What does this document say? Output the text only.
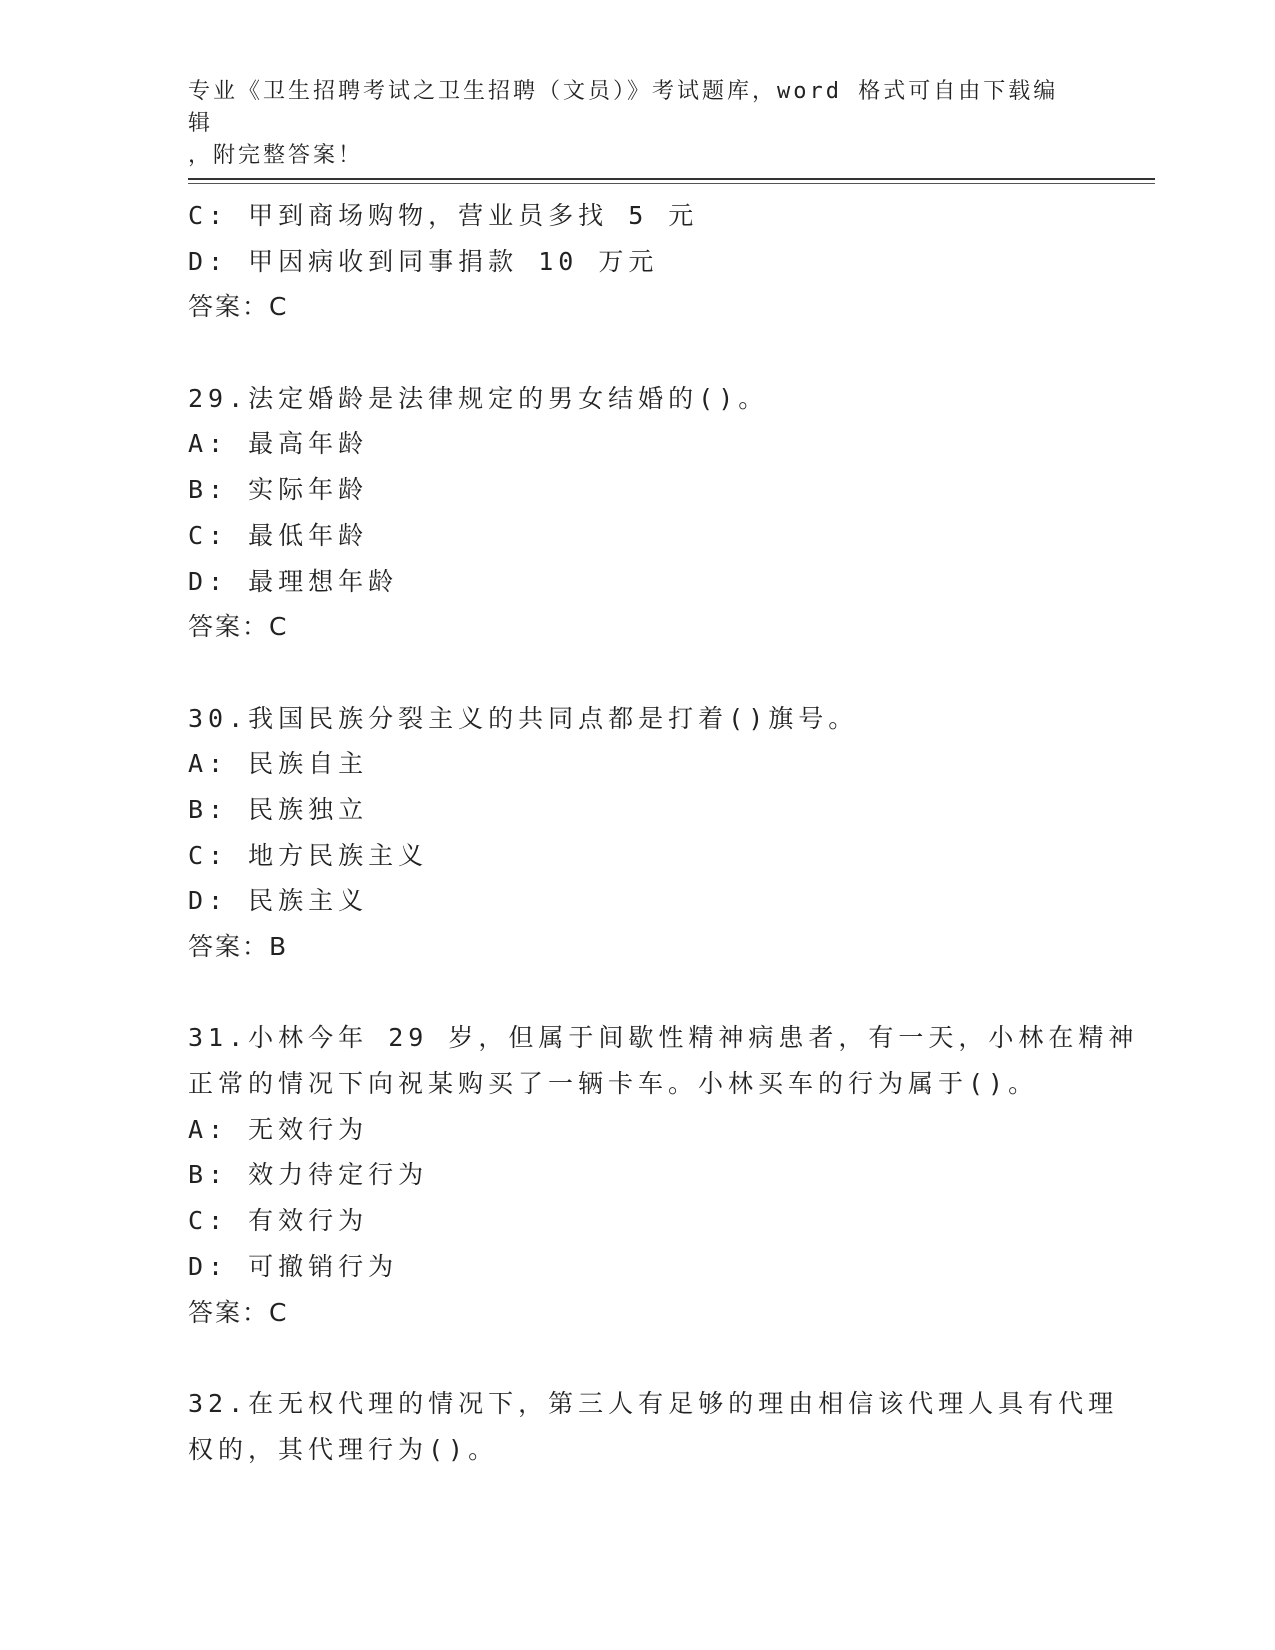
专业《卫生招聘考试之卫生招聘（文员）》考试题库，word 格式可自由下载编辑
，附完整答案！
C: 甲到商场购物，营业员多找 5 元
D: 甲因病收到同事捐款 10 万元
答案：C
29.法定婚龄是法律规定的男女结婚的()。
A: 最高年龄
B: 实际年龄
C: 最低年龄
D: 最理想年龄
答案：C
30.我国民族分裂主义的共同点都是打着()旗号。
A: 民族自主
B: 民族独立
C: 地方民族主义
D: 民族主义
答案：B
31.小林今年 29 岁，但属于间歇性精神病患者，有一天，小林在精神
正常的情况下向祝某购买了一辆卡车。小林买车的行为属于()。
A: 无效行为
B: 效力待定行为
C: 有效行为
D: 可撤销行为
答案：C
32.在无权代理的情况下，第三人有足够的理由相信该代理人具有代理
权的，其代理行为()。
